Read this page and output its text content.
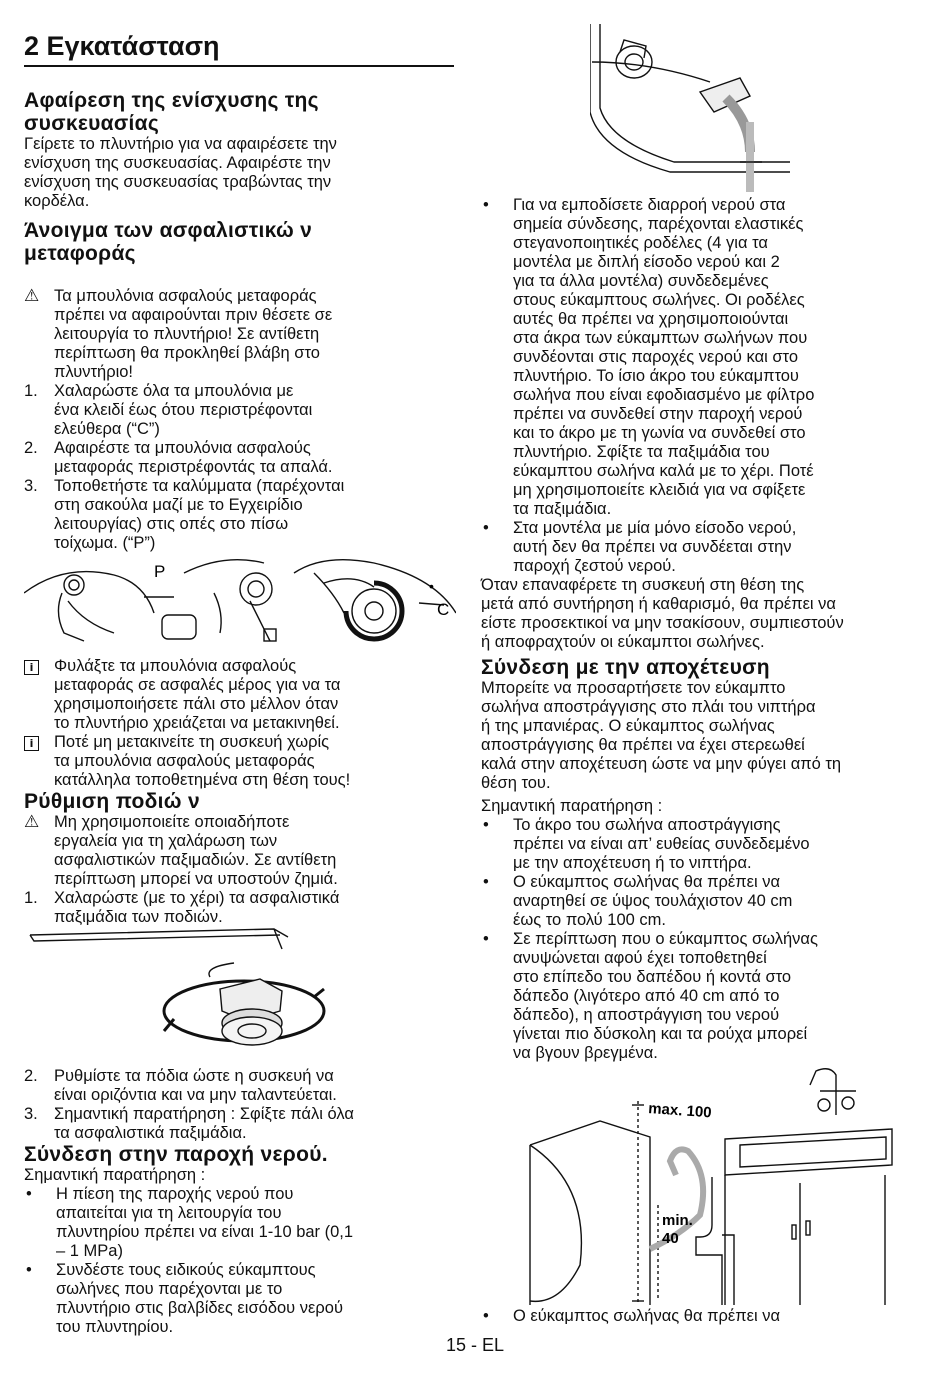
2 Εγκατάσταση

Αφαίρεση της ενίσχυσης της
συσκευασίας

Γείρετε το πλυντήριο για να αφαιρέσετε την
ενίσχυση της συσκευασίας. Αφαιρέστε την
ενίσχυση της συσκευασίας τραβώντας την
κορδέλα.

Άνοιγμα των ασφαλιστικώ ν
μεταφοράς
⚠ Τα μπουλόνια ασφαλούς μεταφοράς
πρέπει να αφαιρούνται πριν θέσετε σε
λειτουργία το πλυντήριο! Σε αντίθετη
περίπτωση θα προκληθεί βλάβη στο
πλυντήριο!
1. Χαλαρώστε όλα τα μπουλόνια με
ένα κλειδί έως ότου περιστρέφονται
ελεύθερα (“C”)
2. Αφαιρέστε τα μπουλόνια ασφαλούς
μεταφοράς περιστρέφοντάς τα απαλά.
3. Τοποθετήστε τα καλύμματα (παρέχονται
στη σακούλα μαζί με το Εγχειρίδιο
λειτουργίας) στις οπές στο πίσω
τοίχωμα. (“P”)
P
•
C
i	Φυλάξτε τα μπουλόνια ασφαλούς
μεταφοράς σε ασφαλές μέρος για να τα
χρησιμοποιήσετε πάλι στο μέλλον όταν
το πλυντήριο χρειάζεται να μετακινηθεί.
i	Ποτέ μη μετακινείτε τη συσκευή χωρίς
τα μπουλόνια ασφαλούς μεταφοράς
κατάλληλα τοποθετημένα στη θέση τους!
Ρύθμιση ποδιώ ν
⚠ Μη χρησιμοποιείτε οποιαδήποτε
εργαλεία για τη χαλάρωση των
ασφαλιστικών παξιμαδιών. Σε αντίθετη
περίπτωση μπορεί να υποστούν ζημιά.
1. Χαλαρώστε (με το χέρι) τα ασφαλιστικά
παξιμάδια των ποδιών.
2. Ρυθμίστε τα πόδια ώστε η συσκευή να
είναι οριζόντια και να μην ταλαντεύεται.
3. Σημαντική παρατήρηση : Σφίξτε πάλι όλα
τα ασφαλιστικά παξιμάδια.
Σύνδεση στην παροχή νερού.

Σημαντική παρατήρηση :

• Η πίεση της παροχής νερού που
απαιτείται για τη λειτουργία του
πλυντηρίου πρέπει να είναι 1-10 bar (0,1
– 1 MPa)
• Συνδέστε τους ειδικούς εύκαμπτους
σωλήνες που παρέχονται με το
πλυντήριο στις βαλβίδες εισόδου νερού
του πλυντηρίου.
• Για να εμποδίσετε διαρροή νερού στα
σημεία σύνδεσης, παρέχονται ελαστικές
στεγανοποιητικές ροδέλες (4 για τα
μοντέλα με διπλή είσοδο νερού και 2
για τα άλλα μοντέλα) συνδεδεμένες
στους εύκαμπτους σωλήνες. Οι ροδέλες
αυτές θα πρέπει να χρησιμοποιούνται
στα άκρα των εύκαμπτων σωλήνων που
συνδέονται στις παροχές νερού και στο
πλυντήριο. Το ίσιο άκρο του εύκαμπτου
σωλήνα που είναι εφοδιασμένο με φίλτρο
πρέπει να συνδεθεί στην παροχή νερού
και το άκρο με τη γωνία να συνδεθεί στο
πλυντήριο. Σφίξτε τα παξιμάδια του
εύκαμπτου σωλήνα καλά με το χέρι. Ποτέ
μη χρησιμοποιείτε κλειδιά για να σφίξετε
τα παξιμάδια.
• Στα μοντέλα με μία μόνο είσοδο νερού,
αυτή δεν θα πρέπει να συνδέεται στην
παροχή ζεστού νερού.

Όταν επαναφέρετε τη συσκευή στη θέση της
μετά από συντήρηση ή καθαρισμό, θα πρέπει να
είστε προσεκτικοί να μην τσακίσουν, συμπιεστούν
ή αποφραχτούν οι εύκαμπτοι σωλήνες.

Σύνδεση με την αποχέτευση

Μπορείτε να προσαρτήσετε τον εύκαμπτο
σωλήνα αποστράγγισης στο πλάι του νιπτήρα
ή της μπανιέρας. Ο εύκαμπτος σωλήνας
αποστράγγισης θα πρέπει να έχει στερεωθεί
καλά στην αποχέτευση ώστε να μην φύγει από τη
θέση του.

Σημαντική παρατήρηση :

• Το άκρο του σωλήνα αποστράγγισης
πρέπει να είναι απ’ ευθείας συνδεδεμένο
με την αποχέτευση ή το νιπτήρα.
• Ο εύκαμπτος σωλήνας θα πρέπει να
αναρτηθεί σε ύψος τουλάχιστον 40 cm
έως το πολύ 100 cm.
• Σε περίπτωση που ο εύκαμπτος σωλήνας
ανυψώνεται αφού έχει τοποθετηθεί
στο επίπεδο του δαπέδου ή κοντά στο
δάπεδο (λιγότερο από 40 cm από το
δάπεδο), η αποστράγγιση του νερού
γίνεται πιο δύσκολη και τα ρούχα μπορεί
να βγουν βρεγμένα.
max. 100
min.
40
• Ο εύκαμπτος σωλήνας θα πρέπει να
15 - EL
